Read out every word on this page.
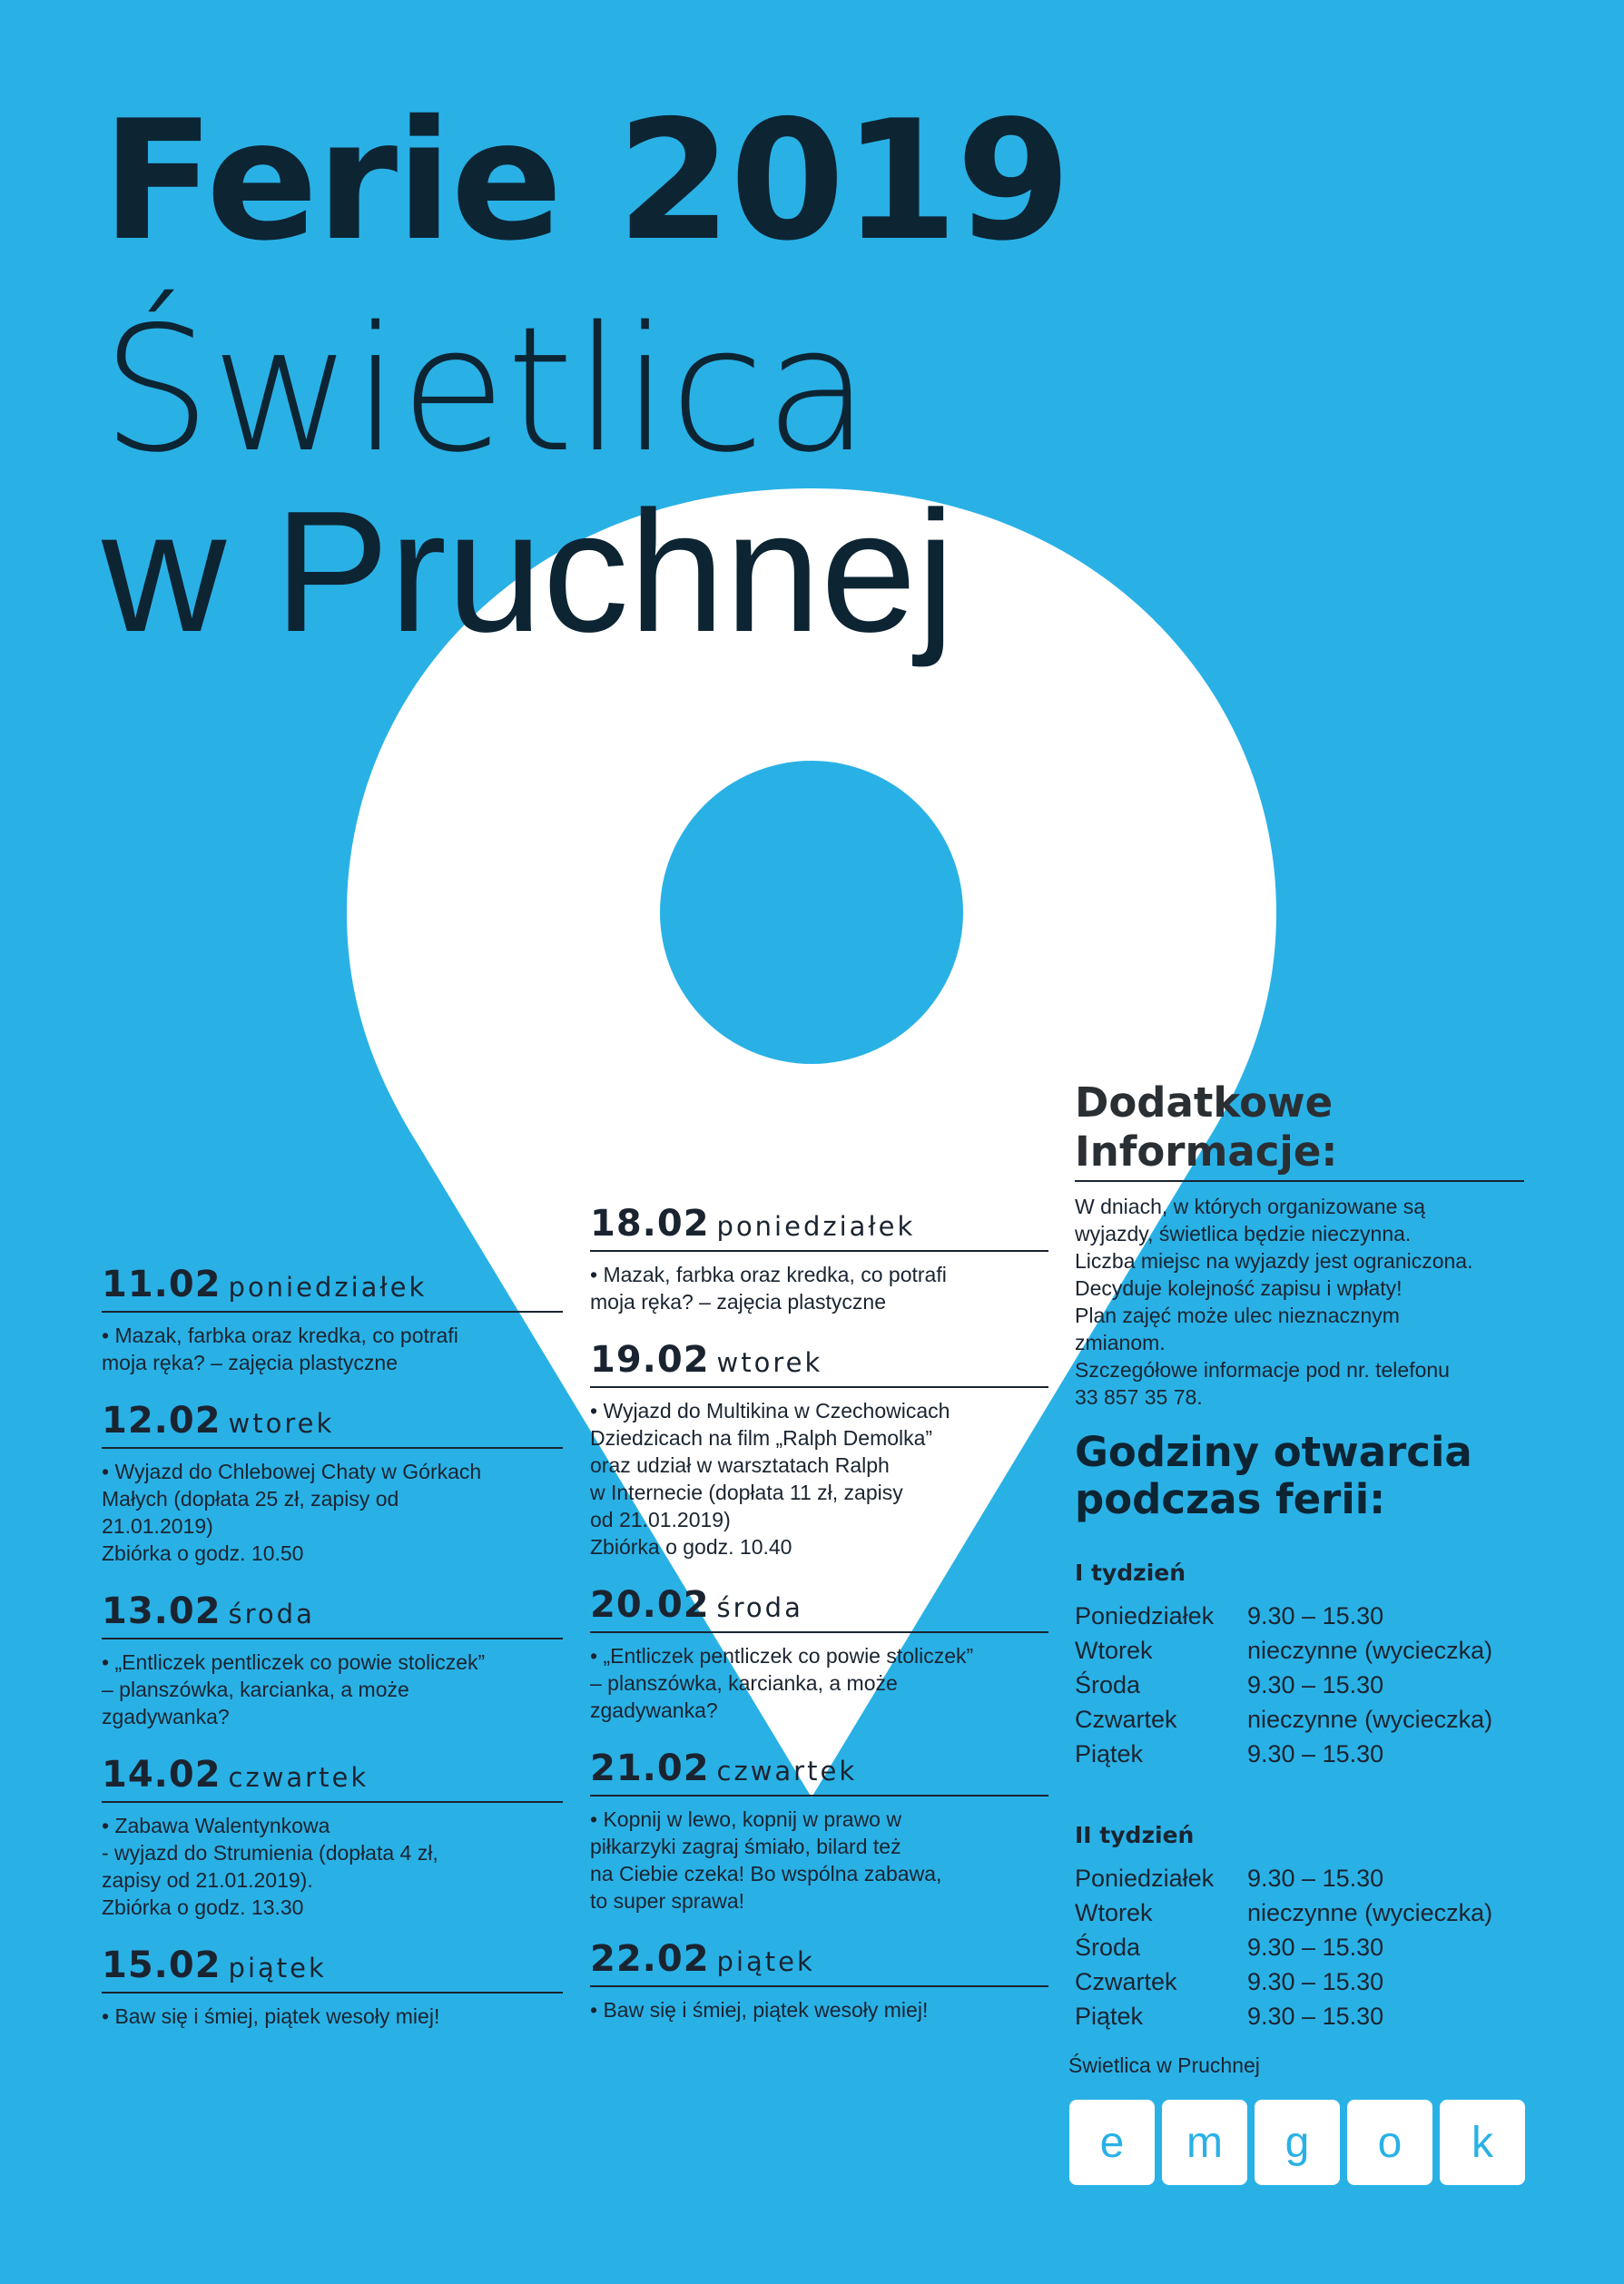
Ferie 2019
Świetlica
w Pruchnej
11.02 poniedziałek
• Mazak, farbka oraz kredka, co potrafi
moja ręka? – zajęcia plastyczne
12.02 wtorek
• Wyjazd do Chlebowej Chaty w Górkach
Małych (dopłata 25 zł, zapisy od
21.01.2019)
Zbiórka o godz. 10.50
13.02 środa
• „Entliczek pentliczek co powie stoliczek”
– planszówka, karcianka, a może
zgadywanka?
14.02 czwartek
• Zabawa Walentynkowa
- wyjazd do Strumienia (dopłata 4 zł,
zapisy od 21.01.2019).
Zbiórka o godz. 13.30
15.02 piątek
• Baw się i śmiej, piątek wesoły miej!
18.02 poniedziałek
• Mazak, farbka oraz kredka, co potrafi
moja ręka? – zajęcia plastyczne
19.02 wtorek
• Wyjazd do Multikina w Czechowicach
Dziedzicach na film „Ralph Demolka”
oraz udział w warsztatach Ralph
w Internecie (dopłata 11 zł, zapisy
od 21.01.2019)
Zbiórka o godz. 10.40
20.02 środa
• „Entliczek pentliczek co powie stoliczek”
– planszówka, karcianka, a może
zgadywanka?
21.02 czwartek
• Kopnij w lewo, kopnij w prawo w
piłkarzyki zagraj śmiało, bilard też
na Ciebie czeka! Bo wspólna zabawa,
to super sprawa!
22.02 piątek
• Baw się i śmiej, piątek wesoły miej!
Dodatkowe
Informacje:
W dniach, w których organizowane są
wyjazdy, świetlica będzie nieczynna.
Liczba miejsc na wyjazdy jest ograniczona.
Decyduje kolejność zapisu i wpłaty!
Plan zajęć może ulec nieznacznym
zmianom.
Szczegółowe informacje pod nr. telefonu
33 857 35 78.
Godziny otwarcia
podczas ferii:
I tydzień
Poniedziałek	9.30 – 15.30
Wtorek	nieczynne (wycieczka)
Środa	9.30 – 15.30
Czwartek	nieczynne (wycieczka)
Piątek	9.30 – 15.30
II tydzień
Poniedziałek	9.30 – 15.30
Wtorek	nieczynne (wycieczka)
Środa	9.30 – 15.30
Czwartek	9.30 – 15.30
Piątek	9.30 – 15.30
Świetlica w Pruchnej
e	m	g	o	k
